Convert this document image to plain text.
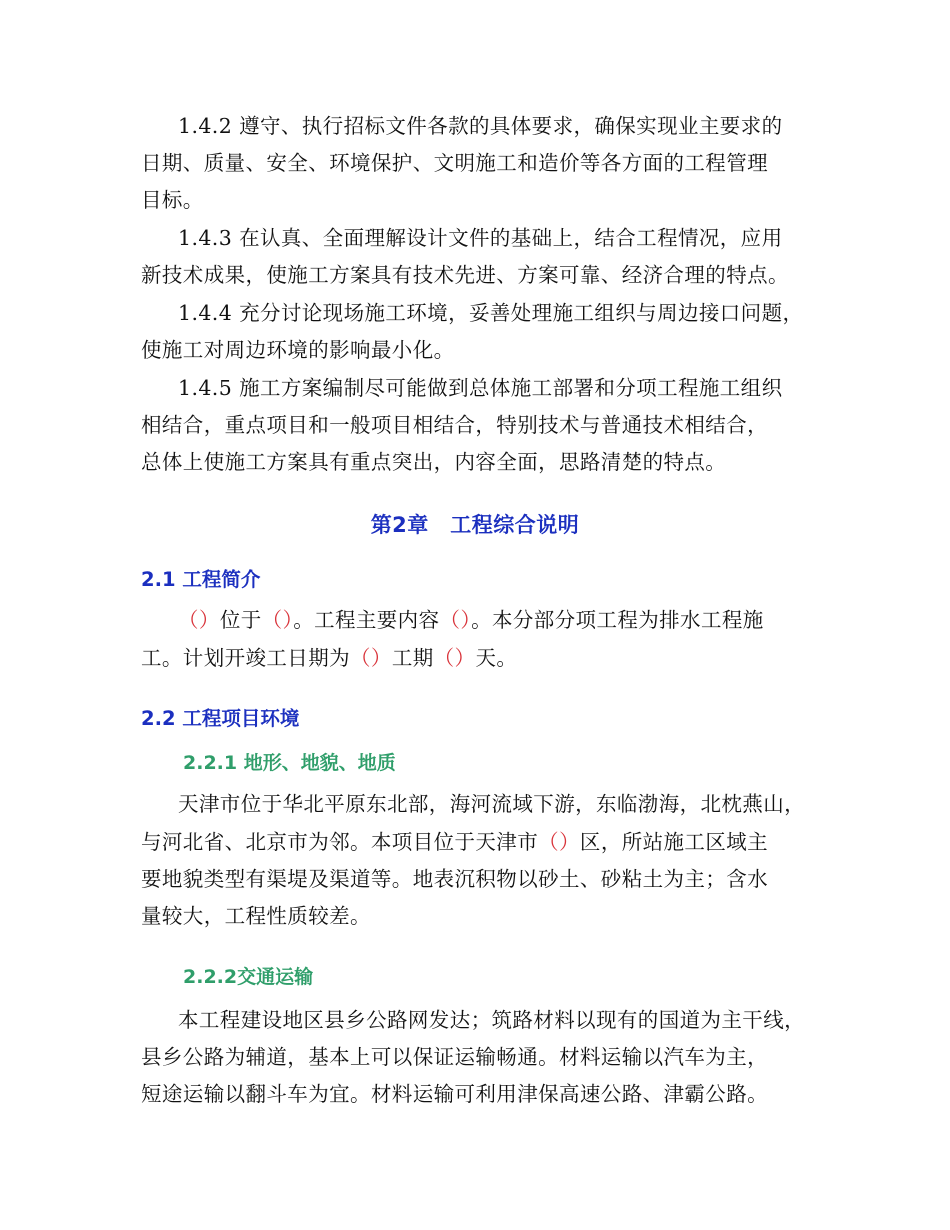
1.4.2 遵守、执行招标文件各款的具体要求，确保实现业主要求的
日期、质量、安全、环境保护、文明施工和造价等各方面的工程管理
目标。
1.4.3 在认真、全面理解设计文件的基础上，结合工程情况，应用
新技术成果，使施工方案具有技术先进、方案可靠、经济合理的特点。
1.4.4 充分讨论现场施工环境，妥善处理施工组织与周边接口问题，
使施工对周边环境的影响最小化。
1.4.5 施工方案编制尽可能做到总体施工部署和分项工程施工组织
相结合，重点项目和一般项目相结合，特别技术与普通技术相结合，
总体上使施工方案具有重点突出，内容全面，思路清楚的特点。
第2章　工程综合说明
2.1 工程简介
（）位于（）。工程主要内容（）。本分部分项工程为排水工程施
工。计划开竣工日期为（）工期（）天。
2.2 工程项目环境
2.2.1 地形、地貌、地质
天津市位于华北平原东北部，海河流域下游，东临渤海，北枕燕山，
与河北省、北京市为邻。本项目位于天津市（）区，所站施工区域主
要地貌类型有渠堤及渠道等。地表沉积物以砂土、砂粘土为主；含水
量较大，工程性质较差。
2.2.2交通运输
本工程建设地区县乡公路网发达；筑路材料以现有的国道为主干线，
县乡公路为辅道，基本上可以保证运输畅通。材料运输以汽车为主，
短途运输以翻斗车为宜。材料运输可利用津保高速公路、津霸公路。
